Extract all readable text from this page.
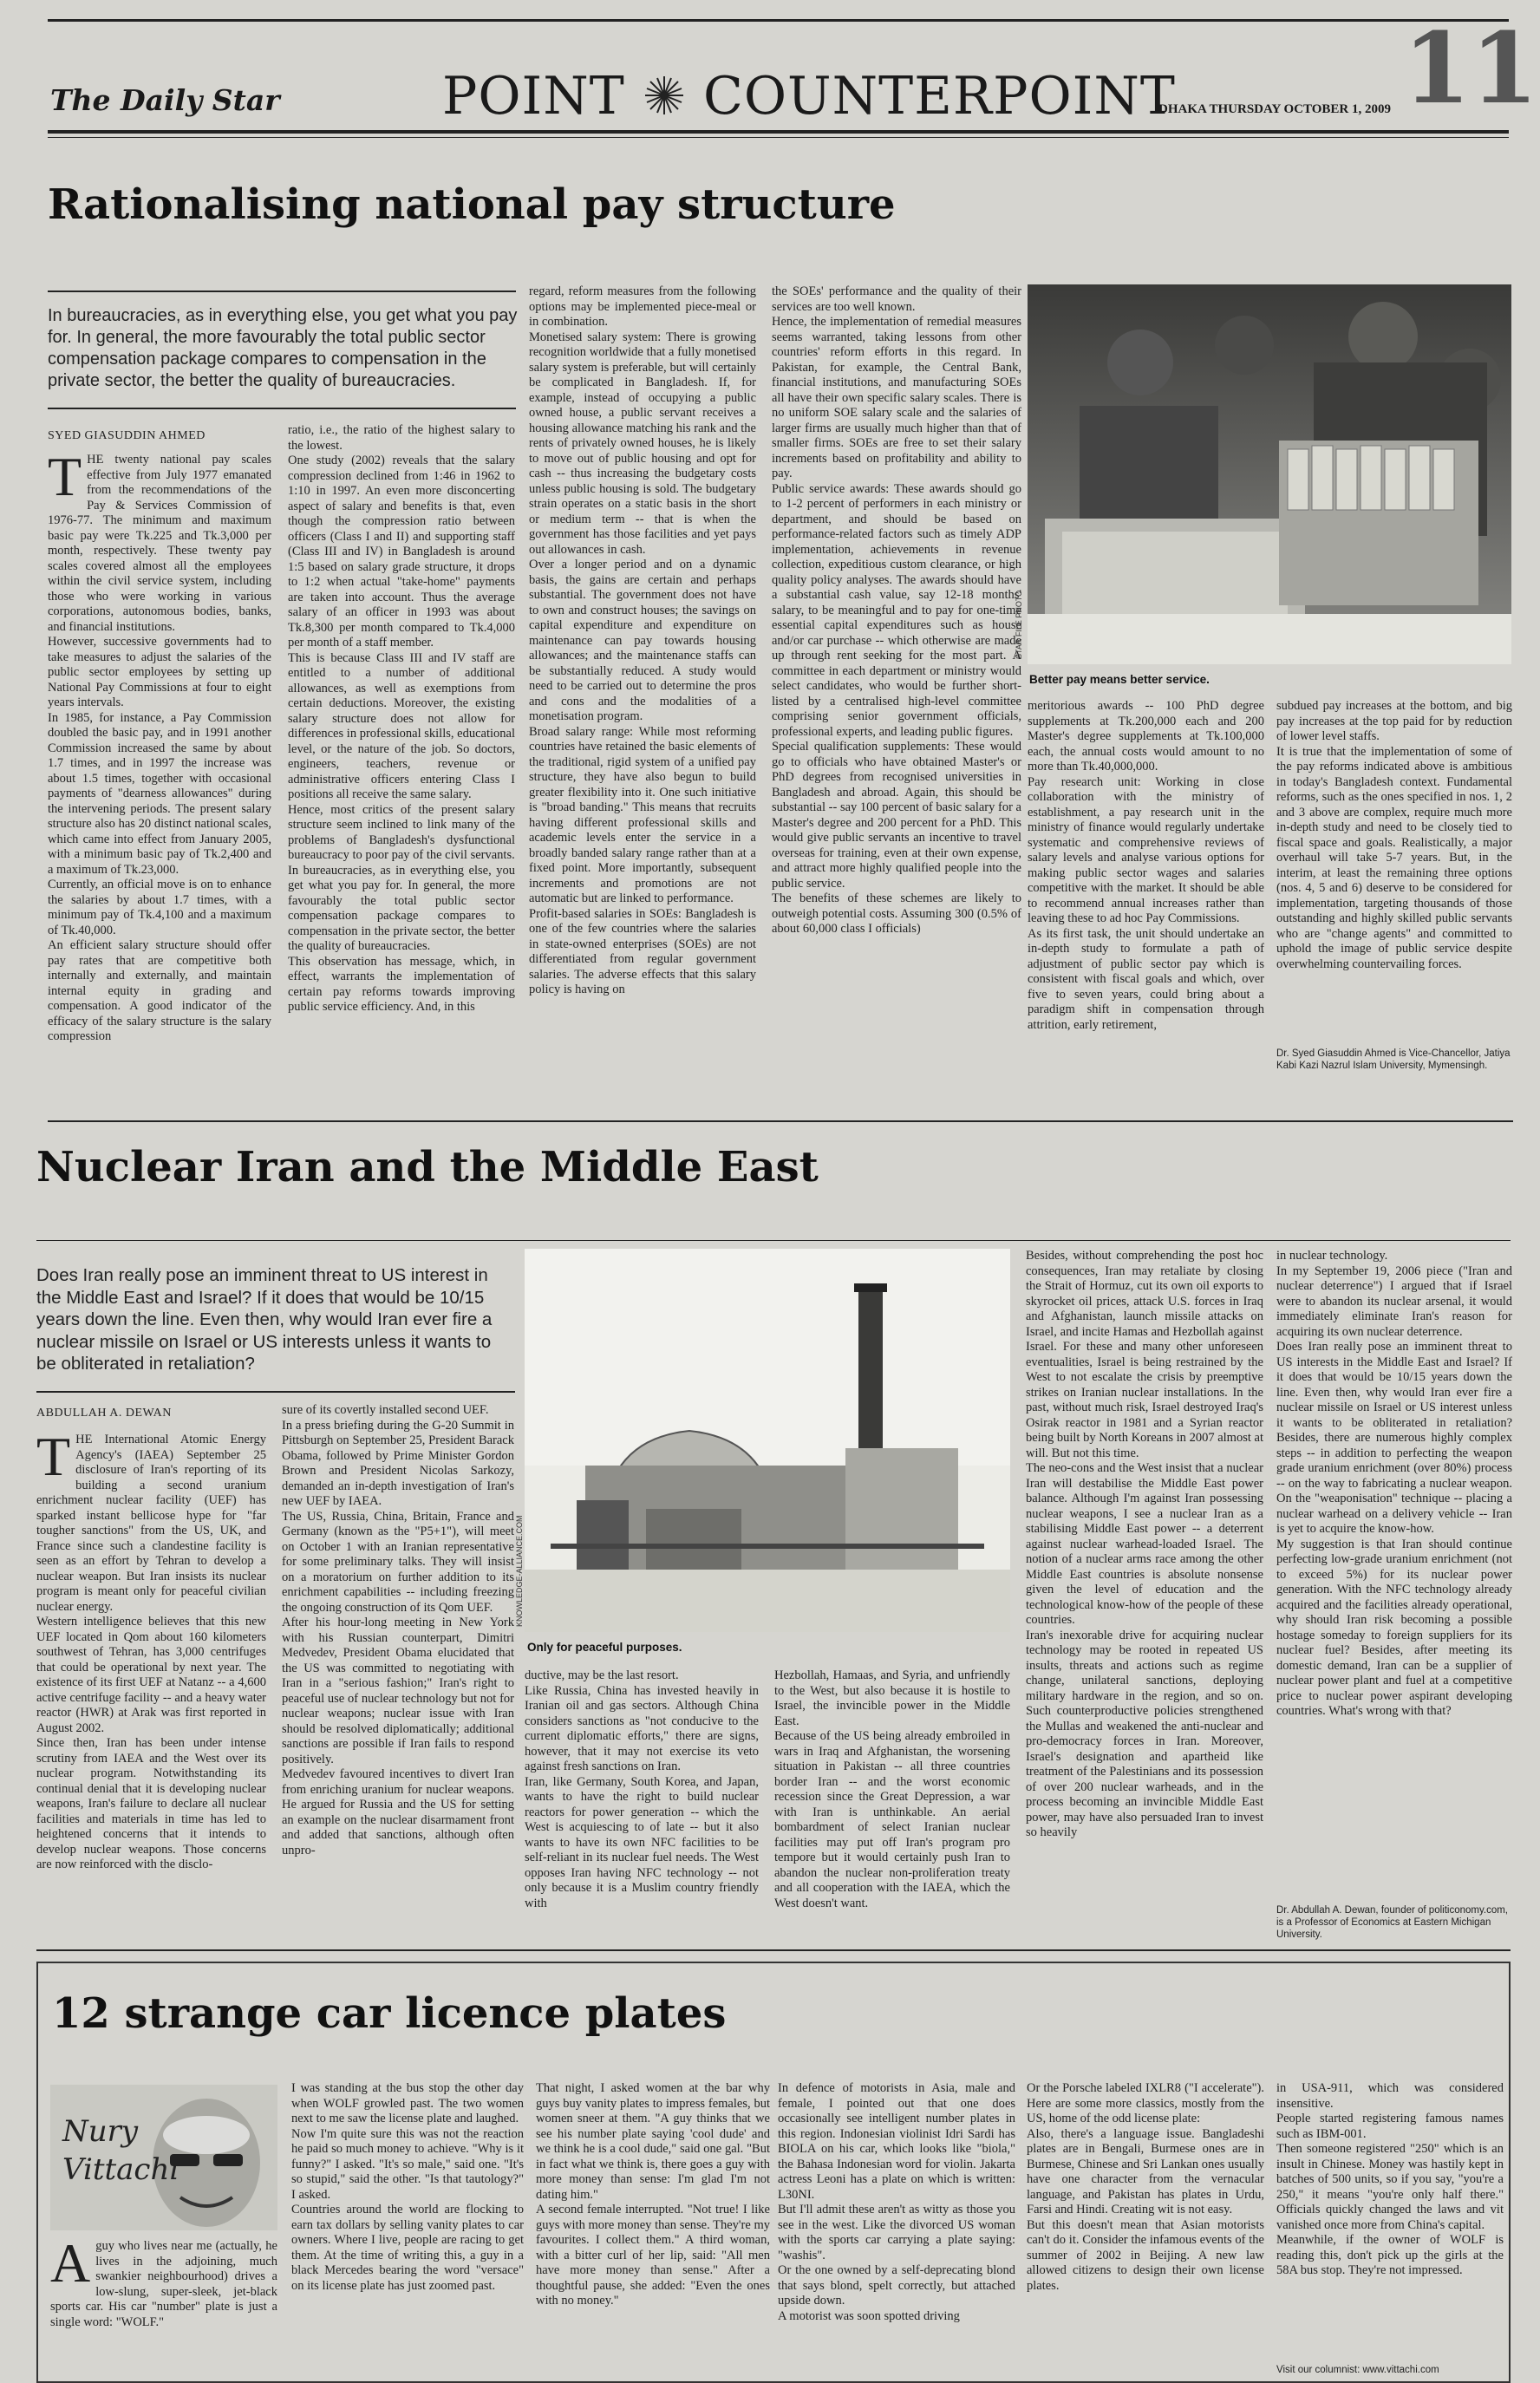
The Daily Star	POINT COUNTERPOINT
DHAKA THURSDAY OCTOBER 1, 2009 11
Rationalising national pay structure
In bureaucracies, as in everything else, you get what you pay for. In general, the more favourably the total public sector compensation package compares to compensation in the private sector, the better the quality of bureaucracies.
SYED GIASUDDIN AHMED
T HE twenty national pay scales effective from July 1977 emanated from the recommendations of the Pay & Services Commission of 1976-77. The minimum and maximum basic pay were Tk.225 and Tk.3,000 per month, respectively. These twenty pay scales covered almost all the employees within the civil service system, including those who were working in various corporations, autonomous bodies, banks, and financial institutions.
However, successive governments had to take measures to adjust the salaries of the public sector employees by setting up National Pay Commissions at four to eight years intervals.
In 1985, for instance, a Pay Commission doubled the basic pay, and in 1991 another Commission increased the same by about 1.7 times, and in 1997 the increase was about 1.5 times, together with occasional payments of "dearness allowances" during the intervening periods. The present salary structure also has 20 distinct national scales, which came into effect from January 2005, with a minimum basic pay of Tk.2,400 and a maximum of Tk.23,000.
Currently, an official move is on to enhance the salaries by about 1.7 times, with a minimum pay of Tk.4,100 and a maximum of Tk.40,000.
An efficient salary structure should offer pay rates that are competitive both internally and externally, and maintain internal equity in grading and compensation. A good indicator of the efficacy of the salary structure is the salary compression
ratio, i.e., the ratio of the highest salary to the lowest.
One study (2002) reveals that the salary compression declined from 1:46 in 1962 to 1:10 in 1997. An even more disconcerting aspect of salary and benefits is that, even though the compression ratio between officers (Class I and II) and supporting staff (Class III and IV) in Bangladesh is around 1:5 based on salary grade structure, it drops to 1:2 when actual "take-home" payments are taken into account. Thus the average salary of an officer in 1993 was about Tk.8,300 per month compared to Tk.4,000 per month of a staff member.
This is because Class III and IV staff are entitled to a number of additional allowances, as well as exemptions from certain deductions. Moreover, the existing salary structure does not allow for differences in professional skills, educational level, or the nature of the job. So doctors, engineers, teachers, revenue or administrative officers entering Class I positions all receive the same salary.
Hence, most critics of the present salary structure seem inclined to link many of the problems of Bangladesh's dysfunctional bureaucracy to poor pay of the civil servants.
In bureaucracies, as in everything else, you get what you pay for. In general, the more favourably the total public sector compensation package compares to compensation in the private sector, the better the quality of bureaucracies.
This observation has message, which, in effect, warrants the implementation of certain pay reforms towards improving public service efficiency. And, in this
regard, reform measures from the following options may be implemented piece-meal or in combination.
Monetised salary system: There is growing recognition worldwide that a fully monetised salary system is preferable, but will certainly be complicated in Bangladesh. If, for example, instead of occupying a public owned house, a public servant receives a housing allowance matching his rank and the rents of privately owned houses, he is likely to move out of public housing and opt for cash -- thus increasing the budgetary costs unless public housing is sold. The budgetary strain operates on a static basis in the short or medium term -- that is when the government has those facilities and yet pays out allowances in cash.
Over a longer period and on a dynamic basis, the gains are certain and perhaps substantial. The government does not have to own and construct houses; the savings on capital expenditure and expenditure on maintenance can pay towards housing allowances; and the maintenance staffs can be substantially reduced. A study would need to be carried out to determine the pros and cons and the modalities of a monetisation program.
Broad salary range: While most reforming countries have retained the basic elements of the traditional, rigid system of a unified pay structure, they have also begun to build greater flexibility into it. One such initiative is "broad banding." This means that recruits having different professional skills and academic levels enter the service in a broadly banded salary range rather than at a fixed point. More importantly, subsequent increments and promotions are not automatic but are linked to performance.
Profit-based salaries in SOEs: Bangladesh is one of the few countries where the salaries in state-owned enterprises (SOEs) are not differentiated from regular government salaries. The adverse effects that this salary policy is having on
the SOEs' performance and the quality of their services are too well known.
Hence, the implementation of remedial measures seems warranted, taking lessons from other countries' reform efforts in this regard. In Pakistan, for example, the Central Bank, financial institutions, and manufacturing SOEs all have their own specific salary scales. There is no uniform SOE salary scale and the salaries of larger firms are usually much higher than that of smaller firms. SOEs are free to set their salary increments based on profitability and ability to pay.
Public service awards: These awards should go to 1-2 percent of performers in each ministry or department, and should be based on performance-related factors such as timely ADP implementation, achievements in revenue collection, expeditious custom clearance, or high quality policy analyses. The awards should have a substantial cash value, say 12-18 months' salary, to be meaningful and to pay for one-time essential capital expenditures such as house and/or car purchase -- which otherwise are made up through rent seeking for the most part. A committee in each department or ministry would select candidates, who would be further short-listed by a centralised high-level committee comprising senior government officials, professional experts, and leading public figures.
Special qualification supplements: These would go to officials who have obtained Master's or PhD degrees from recognised universities in Bangladesh and abroad. Again, this should be substantial -- say 100 percent of basic salary for a Master's degree and 200 percent for a PhD. This would give public servants an incentive to travel overseas for training, even at their own expense, and attract more highly qualified people into the public service.
The benefits of these schemes are likely to outweigh potential costs. Assuming 300 (0.5% of about 60,000 class I officials)
STAR FILE PHOTO
Better pay means better service.
meritorious awards -- 100 PhD degree supplements at Tk.200,000 each and 200 Master's degree supplements at Tk.100,000 each, the annual costs would amount to no more than Tk.40,000,000.
Pay research unit: Working in close collaboration with the ministry of establishment, a pay research unit in the ministry of finance would regularly undertake systematic and comprehensive reviews of salary levels and analyse various options for making public sector wages and salaries competitive with the market. It should be able to recommend annual increases rather than leaving these to ad hoc Pay Commissions.
As its first task, the unit should undertake an in-depth study to formulate a path of adjustment of public sector pay which is consistent with fiscal goals and which, over five to seven years, could bring about a paradigm shift in compensation through attrition, early retirement,
subdued pay increases at the bottom, and big pay increases at the top paid for by reduction of lower level staffs.
It is true that the implementation of some of the pay reforms indicated above is ambitious in today's Bangladesh context. Fundamental reforms, such as the ones specified in nos. 1, 2 and 3 above are complex, require much more in-depth study and need to be closely tied to fiscal space and goals. Realistically, a major overhaul will take 5-7 years. But, in the interim, at least the remaining three options (nos. 4, 5 and 6) deserve to be considered for implementation, targeting thousands of those outstanding and highly skilled public servants who are "change agents" and committed to uphold the image of public service despite overwhelming countervailing forces.
Dr. Syed Giasuddin Ahmed is Vice-Chancellor, Jatiya Kabi Kazi Nazrul Islam University, Mymensingh.
Nuclear Iran and the Middle East
Does Iran really pose an imminent threat to US interest in the Middle East and Israel? If it does that would be 10/15 years down the line. Even then, why would Iran ever fire a nuclear missile on Israel or US interests unless it wants to be obliterated in retaliation?
ABDULLAH A. DEWAN
T HE International Atomic Energy Agency's (IAEA) September 25 disclosure of Iran's reporting of its building a second uranium enrichment nuclear facility (UEF) has sparked instant bellicose hype for "far tougher sanctions" from the US, UK, and France since such a clandestine facility is seen as an effort by Tehran to develop a nuclear weapon. But Iran insists its nuclear program is meant only for peaceful civilian nuclear energy.
Western intelligence believes that this new UEF located in Qom about 160 kilometers southwest of Tehran, has 3,000 centrifuges that could be operational by next year. The existence of its first UEF at Natanz -- a 4,600 active centrifuge facility -- and a heavy water reactor (HWR) at Arak was first reported in August 2002.
Since then, Iran has been under intense scrutiny from IAEA and the West over its nuclear program. Notwithstanding its continual denial that it is developing nuclear weapons, Iran's failure to declare all nuclear facilities and materials in time has led to heightened concerns that it intends to develop nuclear weapons. Those concerns are now reinforced with the disclo-
sure of its covertly installed second UEF.
In a press briefing during the G-20 Summit in Pittsburgh on September 25, President Barack Obama, followed by Prime Minister Gordon Brown and President Nicolas Sarkozy, demanded an in-depth investigation of Iran's new UEF by IAEA.
The US, Russia, China, Britain, France and Germany (known as the "P5+1"), will meet on October 1 with an Iranian representative for some preliminary talks. They will insist on a moratorium on further addition to its enrichment capabilities -- including freezing the ongoing construction of its Qom UEF.
After his hour-long meeting in New York with his Russian counterpart, Dimitri Medvedev, President Obama elucidated that the US was committed to negotiating with Iran in a "serious fashion;" Iran's right to peaceful use of nuclear technology but not for nuclear weapons; nuclear issue with Iran should be resolved diplomatically; additional sanctions are possible if Iran fails to respond positively.
Medvedev favoured incentives to divert Iran from enriching uranium for nuclear weapons. He argued for Russia and the US for setting an example on the nuclear disarmament front and added that sanctions, although often unpro-
KNOWLEDGE-ALLIANCE.COM
Only for peaceful purposes.
ductive, may be the last resort.
Like Russia, China has invested heavily in Iranian oil and gas sectors. Although China considers sanctions as "not conducive to the current diplomatic efforts," there are signs, however, that it may not exercise its veto against fresh sanctions on Iran.
Iran, like Germany, South Korea, and Japan, wants to have the right to build nuclear reactors for power generation -- which the West is acquiescing to of late -- but it also wants to have its own NFC facilities to be self-reliant in its nuclear fuel needs. The West opposes Iran having NFC technology -- not only because it is a Muslim country friendly with
Hezbollah, Hamaas, and Syria, and unfriendly to the West, but also because it is hostile to Israel, the invincible power in the Middle East.
Because of the US being already embroiled in wars in Iraq and Afghanistan, the worsening situation in Pakistan -- all three countries border Iran -- and the worst economic recession since the Great Depression, a war with Iran is unthinkable. An aerial bombardment of select Iranian nuclear facilities may put off Iran's program pro tempore but it would certainly push Iran to abandon the nuclear non-proliferation treaty and all cooperation with the IAEA, which the West doesn't want.
Besides, without comprehending the post hoc consequences, Iran may retaliate by closing the Strait of Hormuz, cut its own oil exports to skyrocket oil prices, attack U.S. forces in Iraq and Afghanistan, launch missile attacks on Israel, and incite Hamas and Hezbollah against Israel. For these and many other unforeseen eventualities, Israel is being restrained by the West to not escalate the crisis by preemptive strikes on Iranian nuclear installations. In the past, without much risk, Israel destroyed Iraq's Osirak reactor in 1981 and a Syrian reactor being built by North Koreans in 2007 almost at will. But not this time.
The neo-cons and the West insist that a nuclear Iran will destabilise the Middle East power balance. Although I'm against Iran possessing nuclear weapons, I see a nuclear Iran as a stabilising Middle East power -- a deterrent against nuclear warhead-loaded Israel. The notion of a nuclear arms race among the other Middle East countries is absolute nonsense given the level of education and the technological know-how of the people of these countries.
Iran's inexorable drive for acquiring nuclear technology may be rooted in repeated US insults, threats and actions such as regime change, unilateral sanctions, deploying military hardware in the region, and so on. Such counterproductive policies strengthened the Mullas and weakened the anti-nuclear and pro-democracy forces in Iran. Moreover, Israel's designation and apartheid like treatment of the Palestinians and its possession of over 200 nuclear warheads, and in the process becoming an invincible Middle East power, may have also persuaded Iran to invest so heavily
in nuclear technology.
In my September 19, 2006 piece ("Iran and nuclear deterrence") I argued that if Israel were to abandon its nuclear arsenal, it would immediately eliminate Iran's reason for acquiring its own nuclear deterrence.
Does Iran really pose an imminent threat to US interests in the Middle East and Israel? If it does that would be 10/15 years down the line. Even then, why would Iran ever fire a nuclear missile on Israel or US interest unless it wants to be obliterated in retaliation? Besides, there are numerous highly complex steps -- in addition to perfecting the weapon grade uranium enrichment (over 80%) process -- on the way to fabricating a nuclear weapon. On the "weaponisation" technique -- placing a nuclear warhead on a delivery vehicle -- Iran is yet to acquire the know-how.
My suggestion is that Iran should continue perfecting low-grade uranium enrichment (not to exceed 5%) for its nuclear power generation. With the NFC technology already acquired and the facilities already operational, why should Iran risk becoming a possible hostage someday to foreign suppliers for its nuclear fuel? Besides, after meeting its domestic demand, Iran can be a supplier of nuclear power plant and fuel at a competitive price to nuclear power aspirant developing countries. What's wrong with that?
Dr. Abdullah A. Dewan, founder of politiconomy.com, is a Professor of Economics at Eastern Michigan University.
12 strange car licence plates
Nury
Vittachi
A guy who lives near me (actually, he lives in the adjoining, much swankier neighbourhood) drives a low-slung, super-sleek, jet-black sports car. His car "number" plate is just a single word: "WOLF."
I was standing at the bus stop the other day when WOLF growled past. The two women next to me saw the license plate and laughed.
Now I'm quite sure this was not the reaction he paid so much money to achieve. "Why is it funny?" I asked. "It's so male," said one. "It's so stupid," said the other. "Is that tautology?" I asked.
Countries around the world are flocking to earn tax dollars by selling vanity plates to car owners. Where I live, people are racing to get them. At the time of writing this, a guy in a black Mercedes bearing the word "versace" on its license plate has just zoomed past.
That night, I asked women at the bar why guys buy vanity plates to impress females, but women sneer at them. "A guy thinks that we see his number plate saying 'cool dude' and we think he is a cool dude," said one gal. "But in fact what we think is, there goes a guy with more money than sense: I'm glad I'm not dating him."
A second female interrupted. "Not true! I like guys with more money than sense. They're my favourites. I collect them." A third woman, with a bitter curl of her lip, said: "All men have more money than sense." After a thoughtful pause, she added: "Even the ones with no money."
In defence of motorists in Asia, male and female, I pointed out that one does occasionally see intelligent number plates in this region. Indonesian violinist Idri Sardi has BIOLA on his car, which looks like "biola," the Bahasa Indonesian word for violin. Jakarta actress Leoni has a plate on which is written: L30NI.
But I'll admit these aren't as witty as those you see in the west. Like the divorced US woman with the sports car carrying a plate saying: "washis".
Or the one owned by a self-deprecating blond that says blond, spelt correctly, but attached upside down.
A motorist was soon spotted driving
Or the Porsche labeled IXLR8 ("I accelerate"). Here are some more classics, mostly from the US, home of the odd license plate:
Also, there's a language issue. Bangladeshi plates are in Bengali, Burmese ones are in Burmese, Chinese and Sri Lankan ones usually have one character from the vernacular language, and Pakistan has plates in Urdu, Farsi and Hindi. Creating wit is not easy.
But this doesn't mean that Asian motorists can't do it. Consider the infamous events of the summer of 2002 in Beijing. A new law allowed citizens to design their own license plates.
in USA-911, which was considered insensitive.
People started registering famous names such as IBM-001.
Then someone registered "250" which is an insult in Chinese. Money was hastily kept in batches of 500 units, so if you say, "you're a 250," it means "you're only half there." Officials quickly changed the laws and vit vanished once more from China's capital.
Meanwhile, if the owner of WOLF is reading this, don't pick up the girls at the 58A bus stop. They're not impressed.
Visit our columnist: www.vittachi.com
